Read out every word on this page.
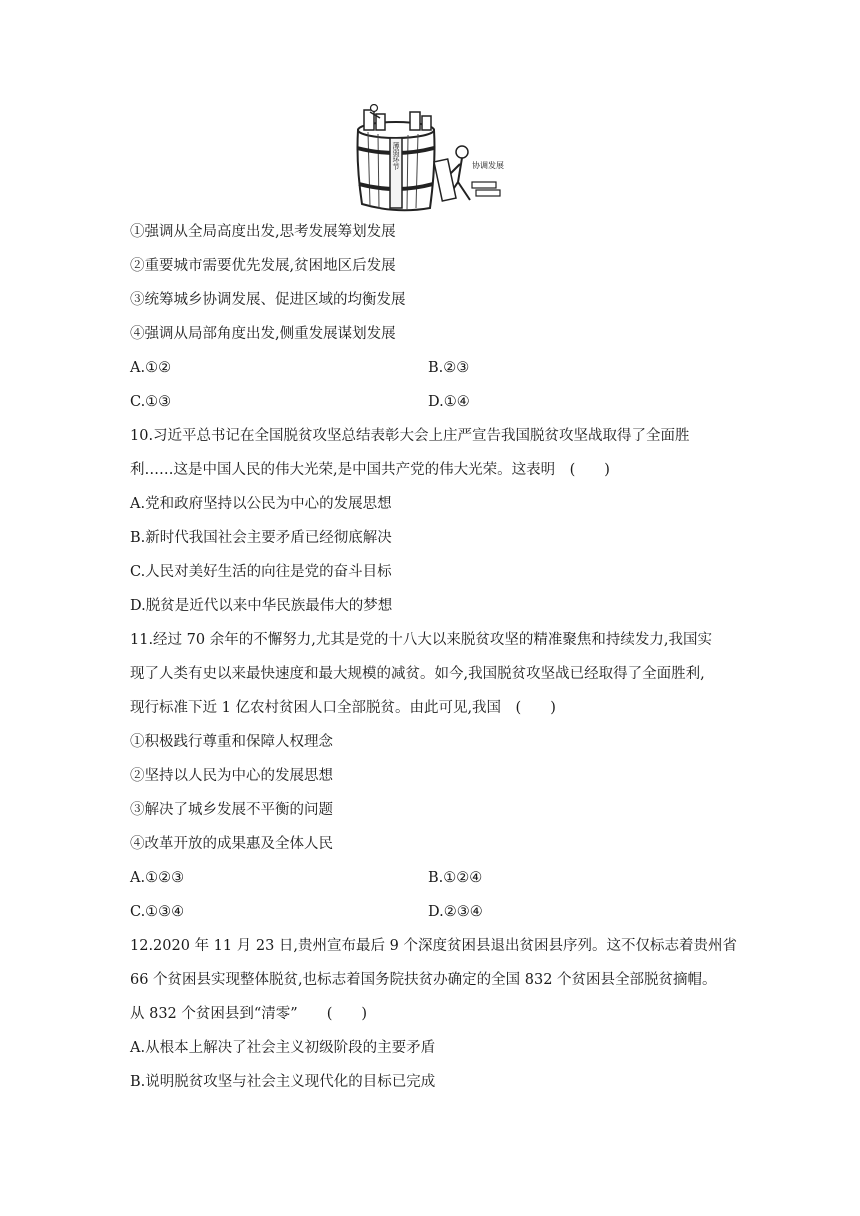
薄弱环节	协调发展
①强调从全局高度出发,思考发展筹划发展
②重要城市需要优先发展,贫困地区后发展
③统筹城乡协调发展、促进区域的均衡发展
④强调从局部角度出发,侧重发展谋划发展
A.①②	B.②③
C.①③	D.①④
10.习近平总书记在全国脱贫攻坚总结表彰大会上庄严宣告我国脱贫攻坚战取得了全面胜
利……这是中国人民的伟大光荣,是中国共产党的伟大光荣。这表明　(　　)
A.党和政府坚持以公民为中心的发展思想
B.新时代我国社会主要矛盾已经彻底解决
C.人民对美好生活的向往是党的奋斗目标
D.脱贫是近代以来中华民族最伟大的梦想
11.经过 70 余年的不懈努力,尤其是党的十八大以来脱贫攻坚的精准聚焦和持续发力,我国实
现了人类有史以来最快速度和最大规模的减贫。如今,我国脱贫攻坚战已经取得了全面胜利,
现行标准下近 1 亿农村贫困人口全部脱贫。由此可见,我国　(　　)
①积极践行尊重和保障人权理念
②坚持以人民为中心的发展思想
③解决了城乡发展不平衡的问题
④改革开放的成果惠及全体人民
A.①②③	B.①②④
C.①③④	D.②③④
12.2020 年 11 月 23 日,贵州宣布最后 9 个深度贫困县退出贫困县序列。这不仅标志着贵州省
66 个贫困县实现整体脱贫,也标志着国务院扶贫办确定的全国 832 个贫困县全部脱贫摘帽。
从 832 个贫困县到“清零”　　(　　)
A.从根本上解决了社会主义初级阶段的主要矛盾
B.说明脱贫攻坚与社会主义现代化的目标已完成
